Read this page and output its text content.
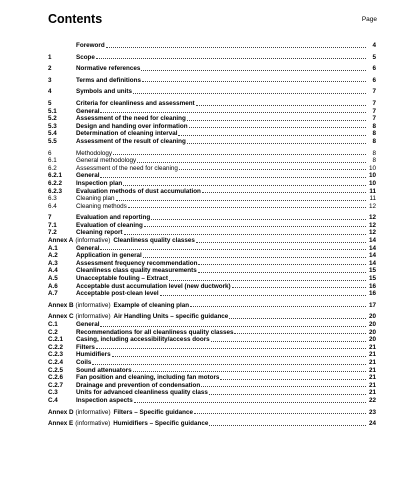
Contents	Page
Foreword	4
1	Scope	5
2	Normative references	6
3	Terms and definitions	6
4	Symbols and units	7
5	Criteria for cleanliness and assessment	7
5.1	General	7
5.2	Assessment of the need for cleaning	7
5.3	Design and handing over information	8
5.4	Determination of cleaning interval	8
5.5	Assessment of the result of cleaning	8
6	Methodology	8
6.1	General methodology	8
6.2	Assessment of the need for cleaning	10
6.2.1	General	10
6.2.2	Inspection plan	10
6.2.3	Evaluation methods of dust accumulation	11
6.3	Cleaning plan	11
6.4	Cleaning methods	12
7	Evaluation and reporting	12
7.1	Evaluation of cleaning	12
7.2	Cleaning report	12
Annex A (informative) Cleanliness quality classes	14
A.1	General	14
A.2	Application in general	14
A.3	Assessment frequency recommendation	14
A.4	Cleanliness class quality measurements	15
A.5	Unacceptable fouling – Extract	15
A.6	Acceptable dust accumulation level (new ductwork)	16
A.7	Acceptable post-clean level	16
Annex B (informative) Example of cleaning plan	17
Annex C (informative) Air Handling Units – specific guidance	20
C.1	General	20
C.2	Recommendations for all cleanliness quality classes	20
C.2.1	Casing, including accessibility/access doors	20
C.2.2	Filters	21
C.2.3	Humidifiers	21
C.2.4	Coils	21
C.2.5	Sound attenuators	21
C.2.6	Fan position and cleaning, including fan motors	21
C.2.7	Drainage and prevention of condensation	21
C.3	Units for advanced cleanliness quality class	21
C.4	Inspection aspects	22
Annex D (informative) Filters – Specific guidance	23
Annex E (informative) Humidifiers – Specific guidance	24
